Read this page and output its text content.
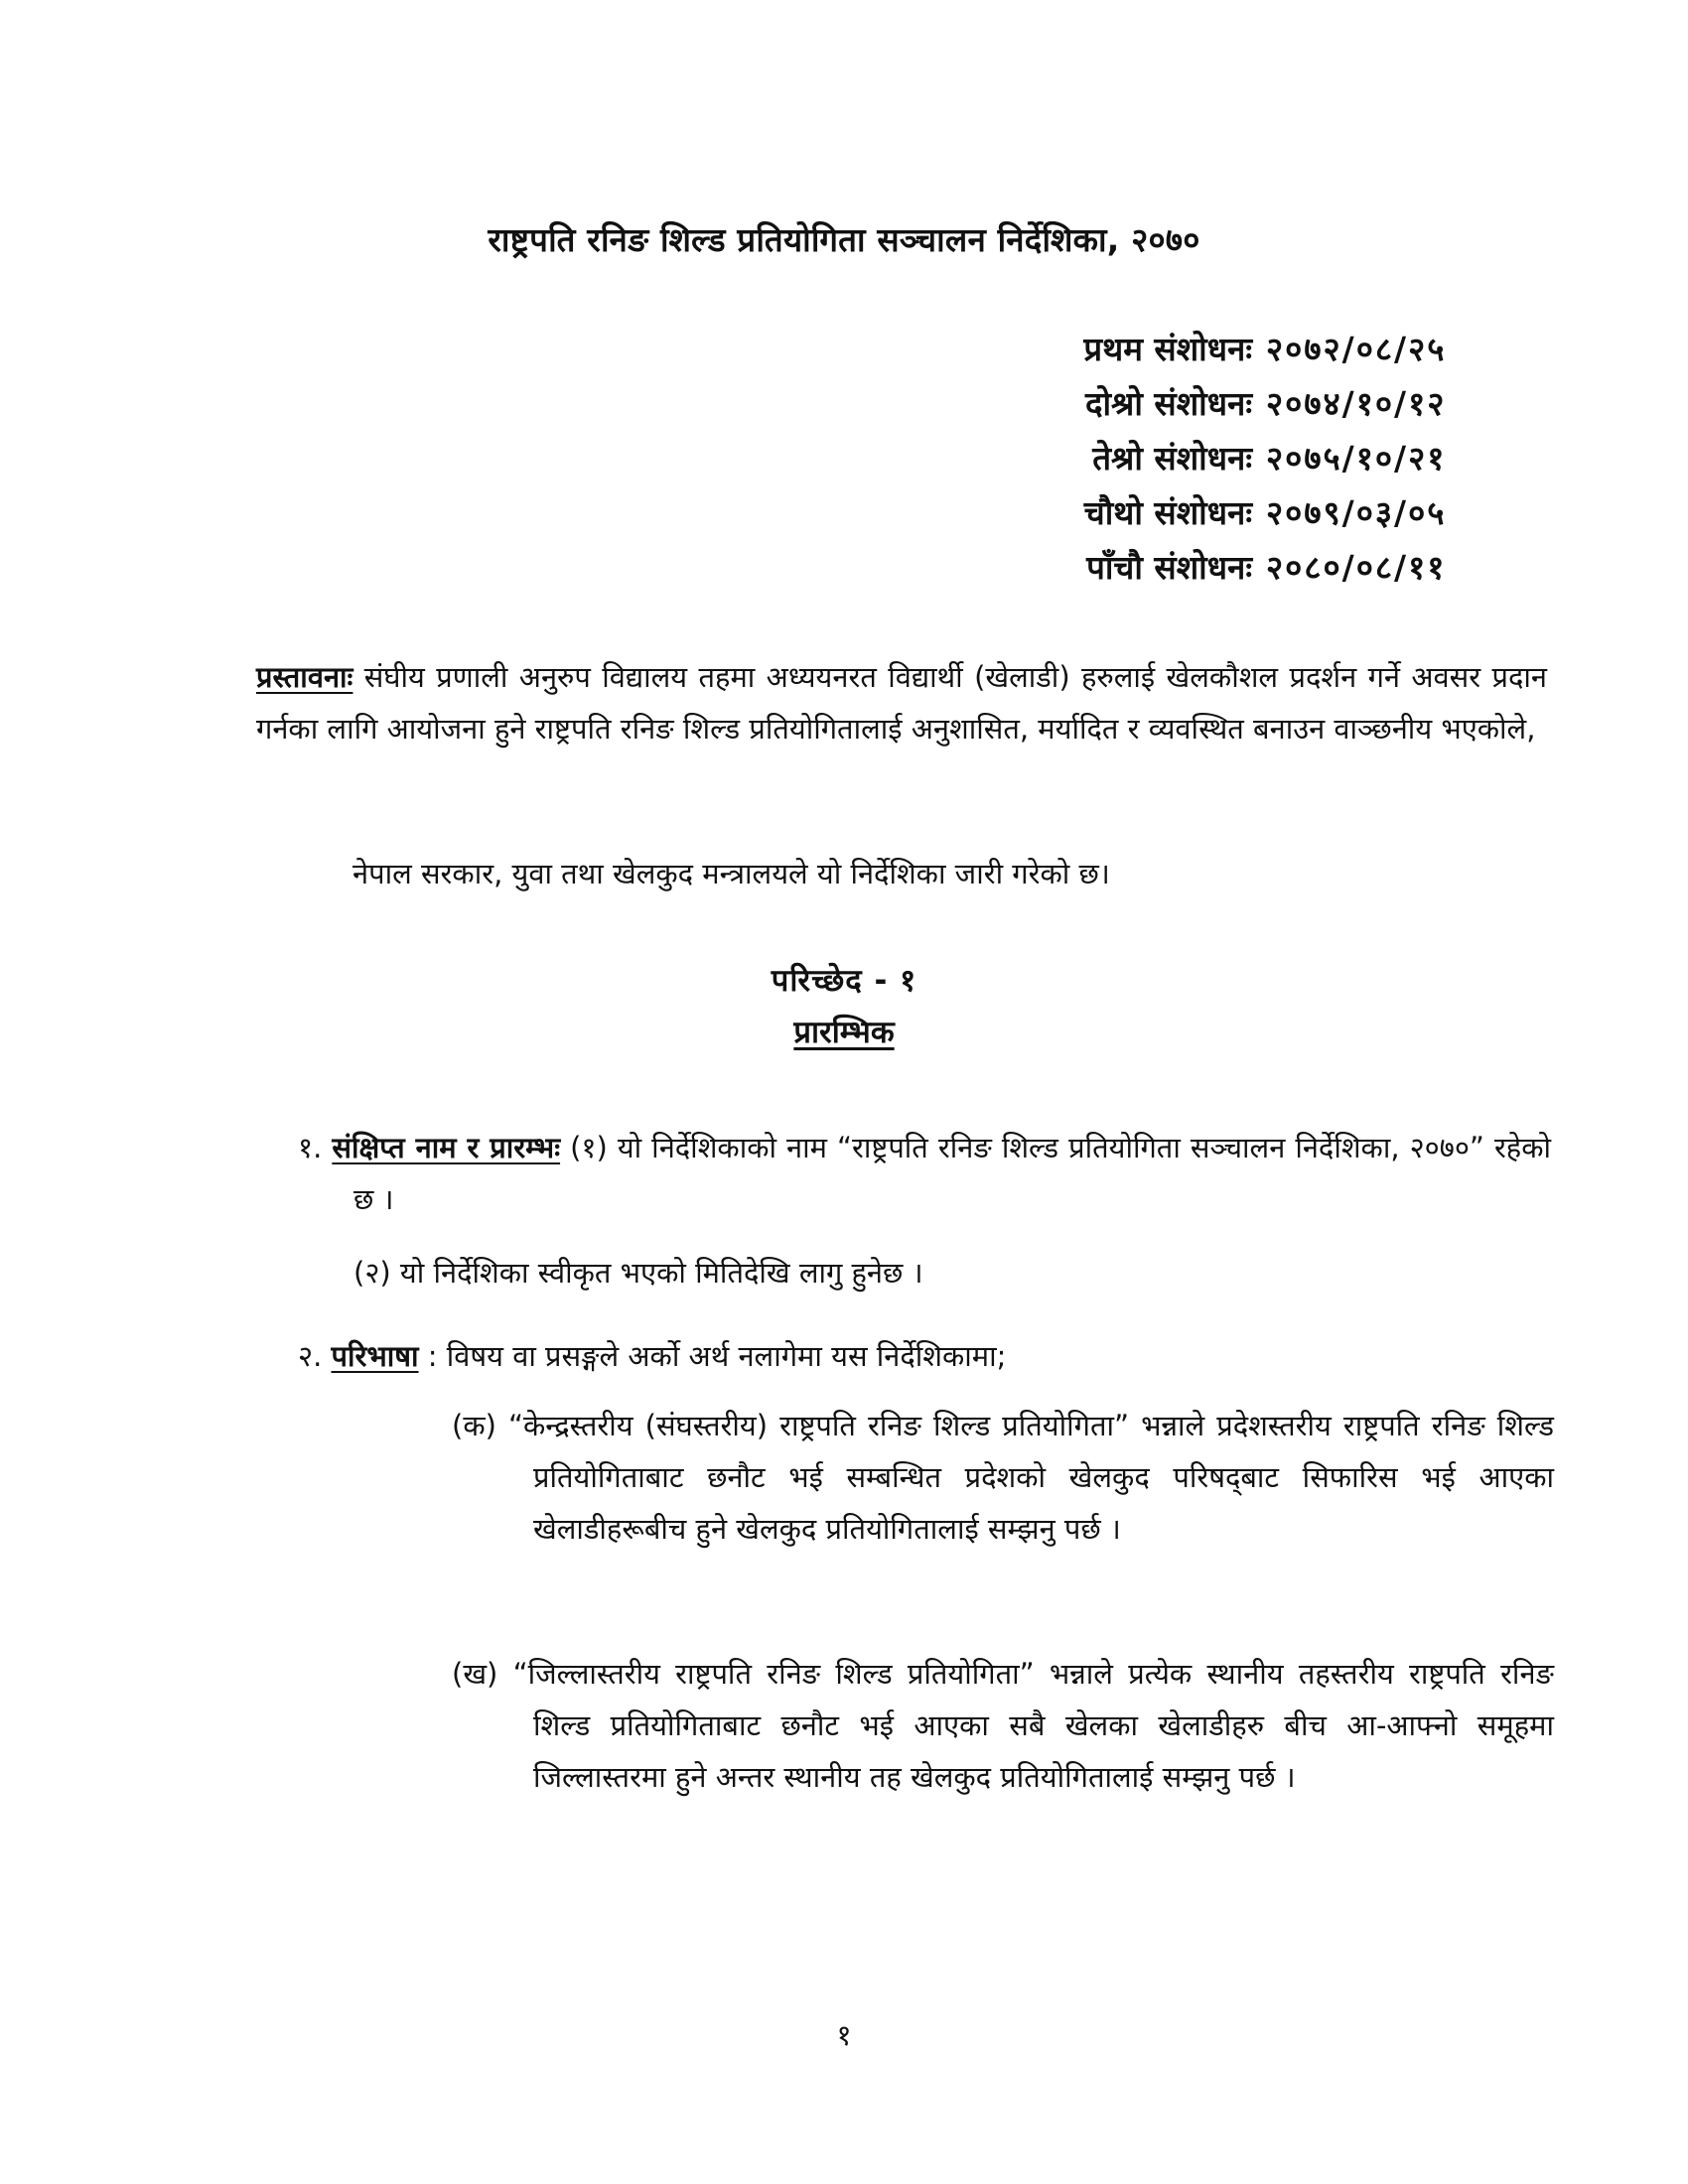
राष्ट्रपति रनिङ शिल्ड प्रतियोगिता सञ्चालन निर्देशिका, २०७०
प्रथम संशोधनः २०७२/०८/२५
दोश्रो संशोधनः २०७४/१०/१२
तेश्रो संशोधनः २०७५/१०/२१
चौथो संशोधनः २०७९/०३/०५
पाँचौ संशोधनः २०८०/०८/११
प्रस्तावनाः संघीय प्रणाली अनुरुप विद्यालय तहमा अध्ययनरत विद्यार्थी (खेलाडी) हरुलाई खेलकौशल प्रदर्शन गर्ने अवसर प्रदान गर्नका लागि आयोजना हुने राष्ट्रपति रनिङ शिल्ड प्रतियोगितालाई अनुशासित, मर्यादित र व्यवस्थित बनाउन वाञ्छनीय भएकोले,
नेपाल सरकार, युवा तथा खेलकुद मन्त्रालयले यो निर्देशिका जारी गरेको छ।
परिच्छेद - १
प्रारम्भिक
१. संक्षिप्त नाम र प्रारम्भः (१) यो निर्देशिकाको नाम “राष्ट्रपति रनिङ शिल्ड प्रतियोगिता सञ्चालन निर्देशिका, २०७०” रहेको छ ।
(२) यो निर्देशिका स्वीकृत भएको मितिदेखि लागु हुनेछ ।
२. परिभाषा : विषय वा प्रसङ्गले अर्को अर्थ नलागेमा यस निर्देशिकामा;
(क) “केन्द्रस्तरीय (संघस्तरीय) राष्ट्रपति रनिङ शिल्ड प्रतियोगिता” भन्नाले प्रदेशस्तरीय राष्ट्रपति रनिङ शिल्ड प्रतियोगिताबाट छनौट भई सम्बन्धित प्रदेशको खेलकुद परिषद्‌बाट सिफारिस भई आएका खेलाडीहरूबीच हुने खेलकुद प्रतियोगितालाई सम्झनु पर्छ ।
(ख) “जिल्लास्तरीय राष्ट्रपति रनिङ शिल्ड प्रतियोगिता” भन्नाले प्रत्येक स्थानीय तहस्तरीय राष्ट्रपति रनिङ शिल्ड प्रतियोगिताबाट छनौट भई आएका सबै खेलका खेलाडीहरु बीच आ-आफ्नो समूहमा जिल्लास्तरमा हुने अन्तर स्थानीय तह खेलकुद प्रतियोगितालाई सम्झनु पर्छ ।
१
